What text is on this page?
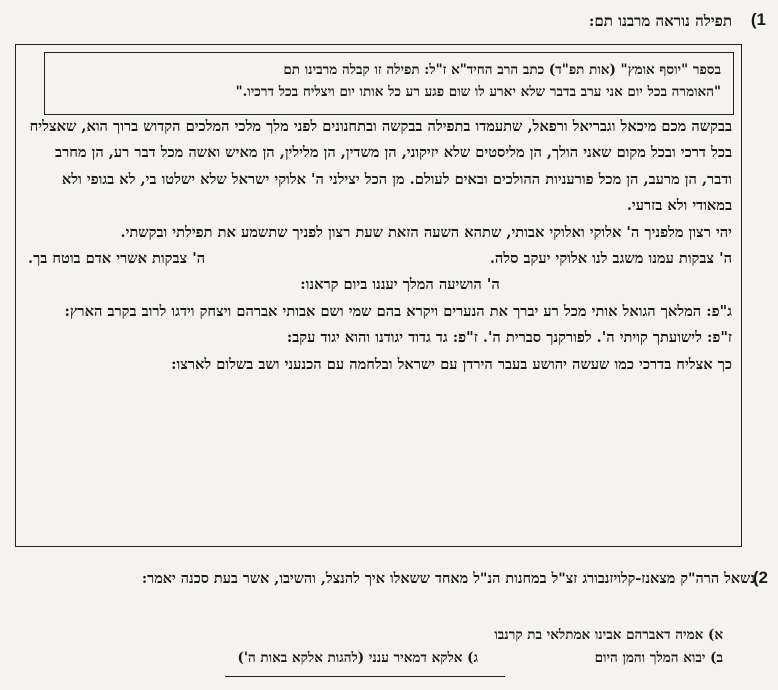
(1
תפילה נוראה מרבנו תם:
בספר "יוסף אומץ" (אות תפ"ד) כתב הרב החיד"א ז"ל: תפילה זו קבלה מרבינו תם
"האומרה בכל יום אני ערב בדבר שלא יארע לו שום פגע רע כל אותו יום ויצליח בכל דרכיו."

בבקשה מכם מיכאל וגבריאל ורפאל, שתעמדו בתפילה בבקשה ובתחנונים לפני מלך מלכי המלכים הקדוש ברוך הוא, שאצליח בכל דרכי ובכל מקום שאני הולך, הן מליסטים שלא יזיקוני, הן משדין, הן מלילין, הן מאיש ואשה מכל דבר רע, הן מחרב ודבר, הן מרעב, הן מכל פורעניות ההולכים ובאים לעולם. מן הכל יצילני ה' אלוקי ישראל שלא ישלטו בי, לא בגופי ולא במאודי ולא בזרעי.

יהי רצון מלפניך ה' אלוקי ואלוקי אבותי, שתהא השעה הזאת שעת רצון לפניך שתשמע את תפילתי ובקשתי.

ה' צבקות עמנו משגב לנו אלוקי יעקב סלה.
ה' צבקות אשרי אדם בוטח בך.
ה' הושיעה המלך יעננו ביום קראנו:

ג"פ: המלאך הגואל אותי מכל רע יברך את הנערים ויקרא בהם שמי ושם אבותי אברהם ויצחק וידגו לרוב בקרב הארץ:

ז"פ: לישועתך קויתי ה'. לפורקנך סברית ה'. ז"פ: גד גדוד יגודנו והוא יגוד עקב:

כך אצליח בדרכי כמו שעשה יהושע בעבר הירדן עם ישראל ובלחמה עם הכנעני ושב בשלום לארצו:

(2
נשאל הרה"ק מצאנז-קלויזנבורג זצ"ל במחנות הנ"ל מאחד ששאלו איך להנצל, והשיבו, אשר בעת סכנה יאמר:
א) אמיה דאברהם אבינו אמתלאי בת קרנבו
ב) יבוא המלך והמן היום
ג) אלקא דמאיר ענני (להגות אלקא באות ה')
